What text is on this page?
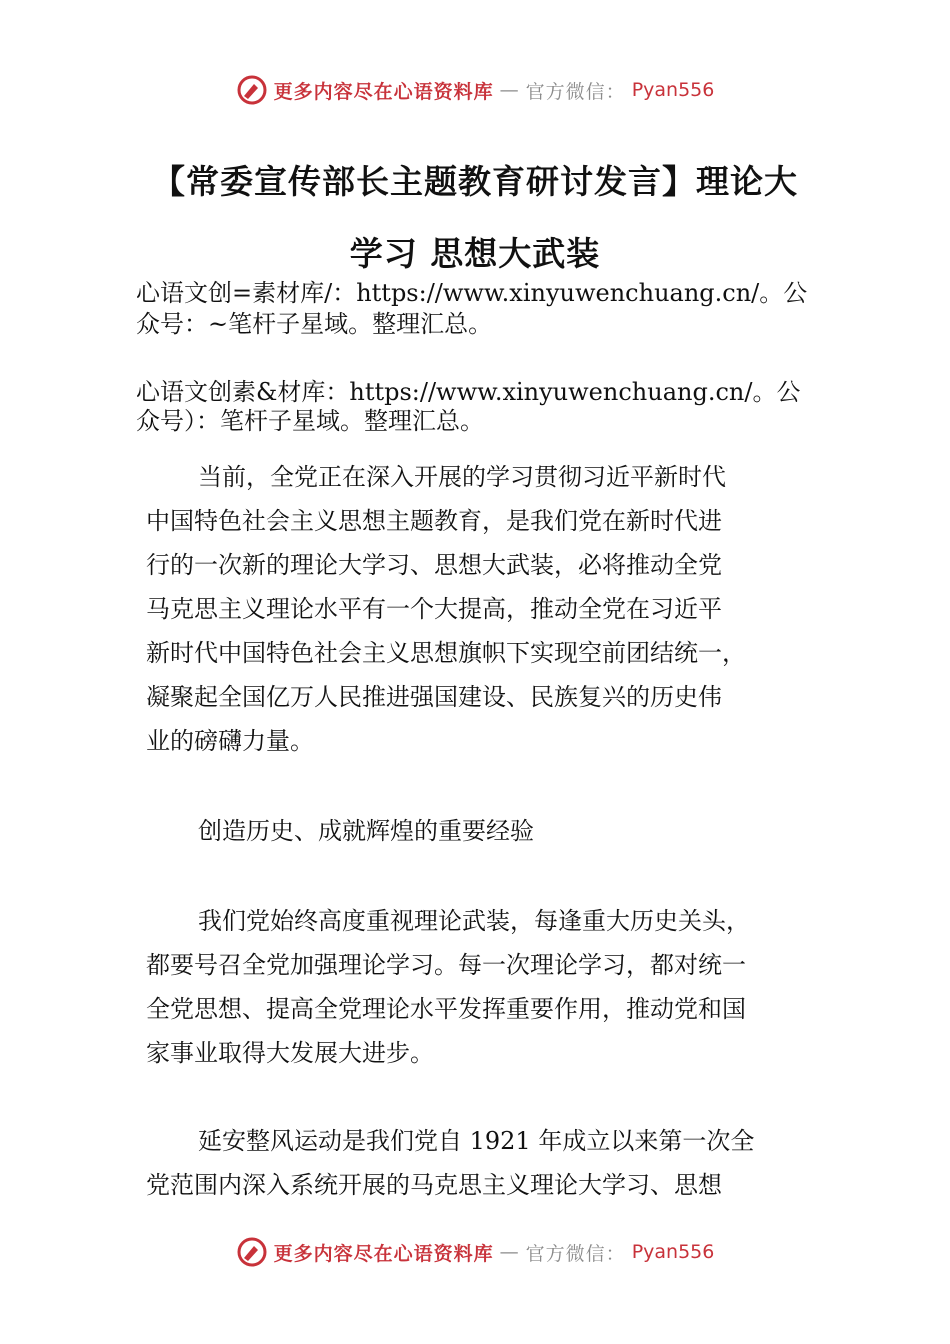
更多内容尽在心语资料库 — 官方微信： Pyan556
【常委宣传部长主题教育研讨发言】理论大
学习 思想大武装
心语文创=素材库/：https://www.xinyuwenchuang.cn/。公
众号：~笔杆子星域。整理汇总。
心语文创素&材库：https://www.xinyuwenchuang.cn/。公
众号）：笔杆子星域。整理汇总。
当前，全党正在深入开展的学习贯彻习近平新时代
中国特色社会主义思想主题教育，是我们党在新时代进
行的一次新的理论大学习、思想大武装，必将推动全党
马克思主义理论水平有一个大提高，推动全党在习近平
新时代中国特色社会主义思想旗帜下实现空前团结统一，
凝聚起全国亿万人民推进强国建设、民族复兴的历史伟
业的磅礴力量。
创造历史、成就辉煌的重要经验
我们党始终高度重视理论武装，每逢重大历史关头，
都要号召全党加强理论学习。每一次理论学习，都对统一
全党思想、提高全党理论水平发挥重要作用，推动党和国
家事业取得大发展大进步。
延安整风运动是我们党自 1921 年成立以来第一次全
党范围内深入系统开展的马克思主义理论大学习、思想
更多内容尽在心语资料库 — 官方微信： Pyan556
